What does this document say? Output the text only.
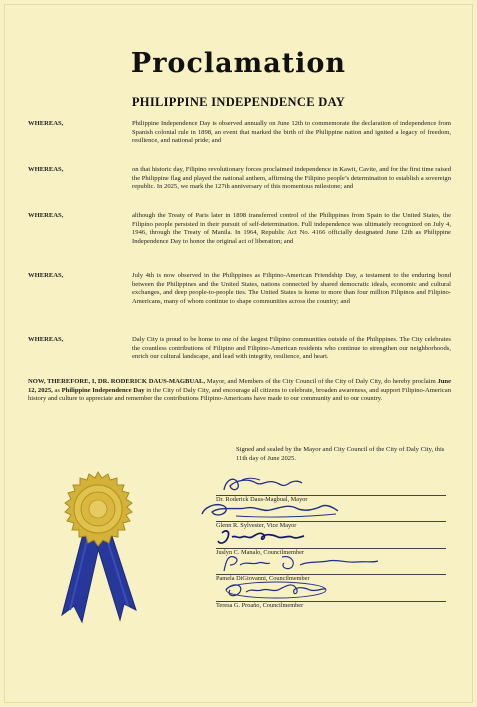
Proclamation
PHILIPPINE INDEPENDENCE DAY
WHEREAS,	Philippine Independence Day is observed annually on June 12th to commemorate the declaration of independence from Spanish colonial rule in 1898, an event that marked the birth of the Philippine nation and ignited a legacy of freedom, resilience, and national pride; and
WHEREAS,	on that historic day, Filipino revolutionary forces proclaimed independence in Kawit, Cavite, and for the first time raised the Philippine flag and played the national anthem, affirming the Filipino people’s determination to establish a sovereign republic. In 2025, we mark the 127th anniversary of this momentous milestone; and
WHEREAS,	although the Treaty of Paris later in 1898 transferred control of the Philippines from Spain to the United States, the Filipino people persisted in their pursuit of self-determination. Full independence was ultimately recognized on July 4, 1946, through the Treaty of Manila. In 1964, Republic Act No. 4166 officially designated June 12th as Philippine Independence Day to honor the original act of liberation; and
WHEREAS,	July 4th is now observed in the Philippines as Filipino-American Friendship Day, a testament to the enduring bond between the Philippines and the United States, nations connected by shared democratic ideals, economic and cultural exchanges, and deep people-to-people ties. The United States is home to more than four million Filipinos and Filipino-Americans, many of whom continue to shape communities across the country; and
WHEREAS,	Daly City is proud to be home to one of the largest Filipino communities outside of the Philippines. The City celebrates the countless contributions of Filipino and Filipino-American residents who continue to strengthen our neighborhoods, enrich our cultural landscape, and lead with integrity, resilience, and heart.
NOW, THEREFORE, I, DR. RODERICK DAUS-MAGBUAL, Mayor, and Members of the City Council of the City of Daly City, do hereby proclaim June 12, 2025, as Philippine Independence Day in the City of Daly City, and encourage all citizens to celebrate, broaden awareness, and support Filipino-American history and culture to appreciate and remember the contributions Filipino-Americans have made to our community and to our country.
Signed and sealed by the Mayor and City Council of the City of Daly City, this 11th day of June 2025.
Dr. Roderick Daus-Magbual, Mayor
Glenn R. Sylvester, Vice Mayor
Juslyn C. Manalo, Councilmember
Pamela DiGiovanni, Councilmember
Teresa G. Proaño, Councilmember
